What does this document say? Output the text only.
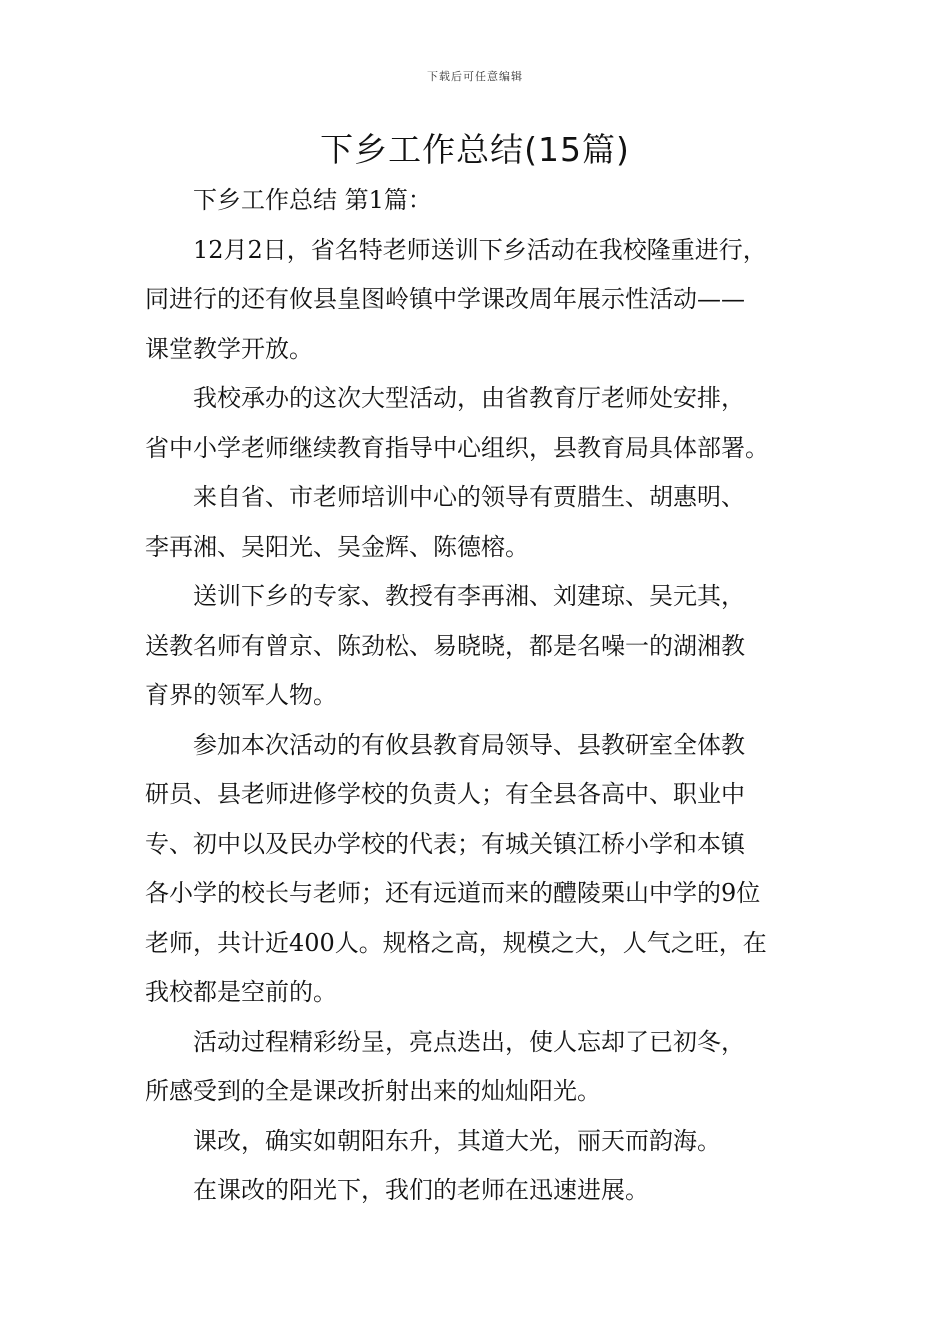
下载后可任意编辑
下乡工作总结(15篇)

下乡工作总结 第1篇：

12月2日，省名特老师送训下乡活动在我校隆重进行，
同进行的还有攸县皇图岭镇中学课改周年展示性活动——
课堂教学开放。

我校承办的这次大型活动，由省教育厅老师处安排，
省中小学老师继续教育指导中心组织，县教育局具体部署。

来自省、市老师培训中心的领导有贾腊生、胡惠明、
李再湘、吴阳光、吴金辉、陈德榕。

送训下乡的专家、教授有李再湘、刘建琼、吴元其，
送教名师有曾京、陈劲松、易晓晓，都是名噪一的湖湘教
育界的领军人物。

参加本次活动的有攸县教育局领导、县教研室全体教
研员、县老师进修学校的负责人；有全县各高中、职业中
专、初中以及民办学校的代表；有城关镇江桥小学和本镇
各小学的校长与老师；还有远道而来的醴陵栗山中学的9位
老师，共计近400人。规格之高，规模之大，人气之旺，在
我校都是空前的。

活动过程精彩纷呈，亮点迭出，使人忘却了已初冬，
所感受到的全是课改折射出来的灿灿阳光。

课改，确实如朝阳东升，其道大光，丽天而韵海。

在课改的阳光下，我们的老师在迅速进展。
